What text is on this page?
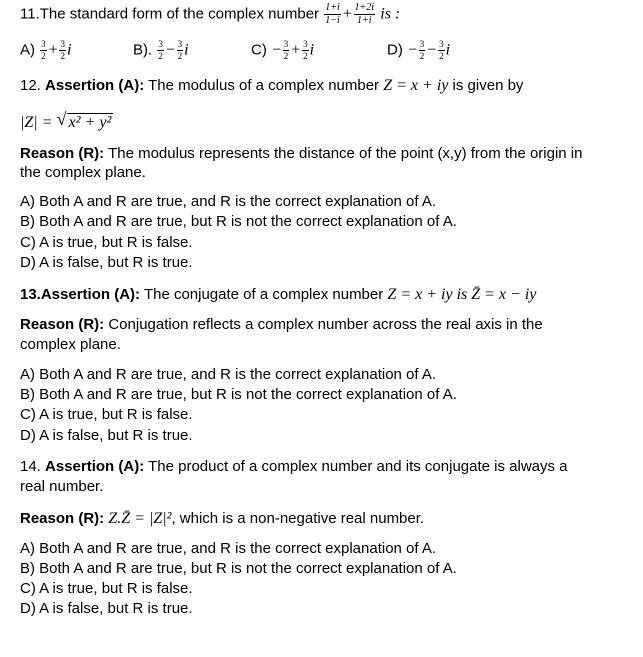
11.The standard form of the complex number $\frac{1+i}{1-i} + \frac{1+2i}{1+i}$ is :
$A) \frac{3}{2} + \frac{3}{2}$ i	B). $\frac{3}{2} - \frac{3}{2}$ i	$C) - \frac{3}{2} + \frac{3}{2}$ i	$D) - \frac{3}{2} - \frac{3}{2}$ i
12. Assertion (A): The modulus of a complex number Z = x + iy is given by
|Z| = √ x² + y²
Reason (R): The modulus represents the distance of the point (x,y) from the origin in
the complex plane.
A) Both A and R are true, and R is the correct explanation of A.
B) Both A and R are true, but R is not the correct explanation of A.
C) A is true, but R is false.
D) A is false, but R is true.
13.Assertion (A): The conjugate of a complex number Z = x + iy is Z̄ = x − iy
Reason (R): Conjugation reflects a complex number across the real axis in the
complex plane.
A) Both A and R are true, and R is the correct explanation of A.
B) Both A and R are true, but R is not the correct explanation of A.
C) A is true, but R is false.
D) A is false, but R is true.
14. Assertion (A): The product of a complex number and its conjugate is always a
real number.
Reason (R): Z.Z̄ = |Z|², which is a non-negative real number.
A) Both A and R are true, and R is the correct explanation of A.
B) Both A and R are true, but R is not the correct explanation of A.
C) A is true, but R is false.
D) A is false, but R is true.
